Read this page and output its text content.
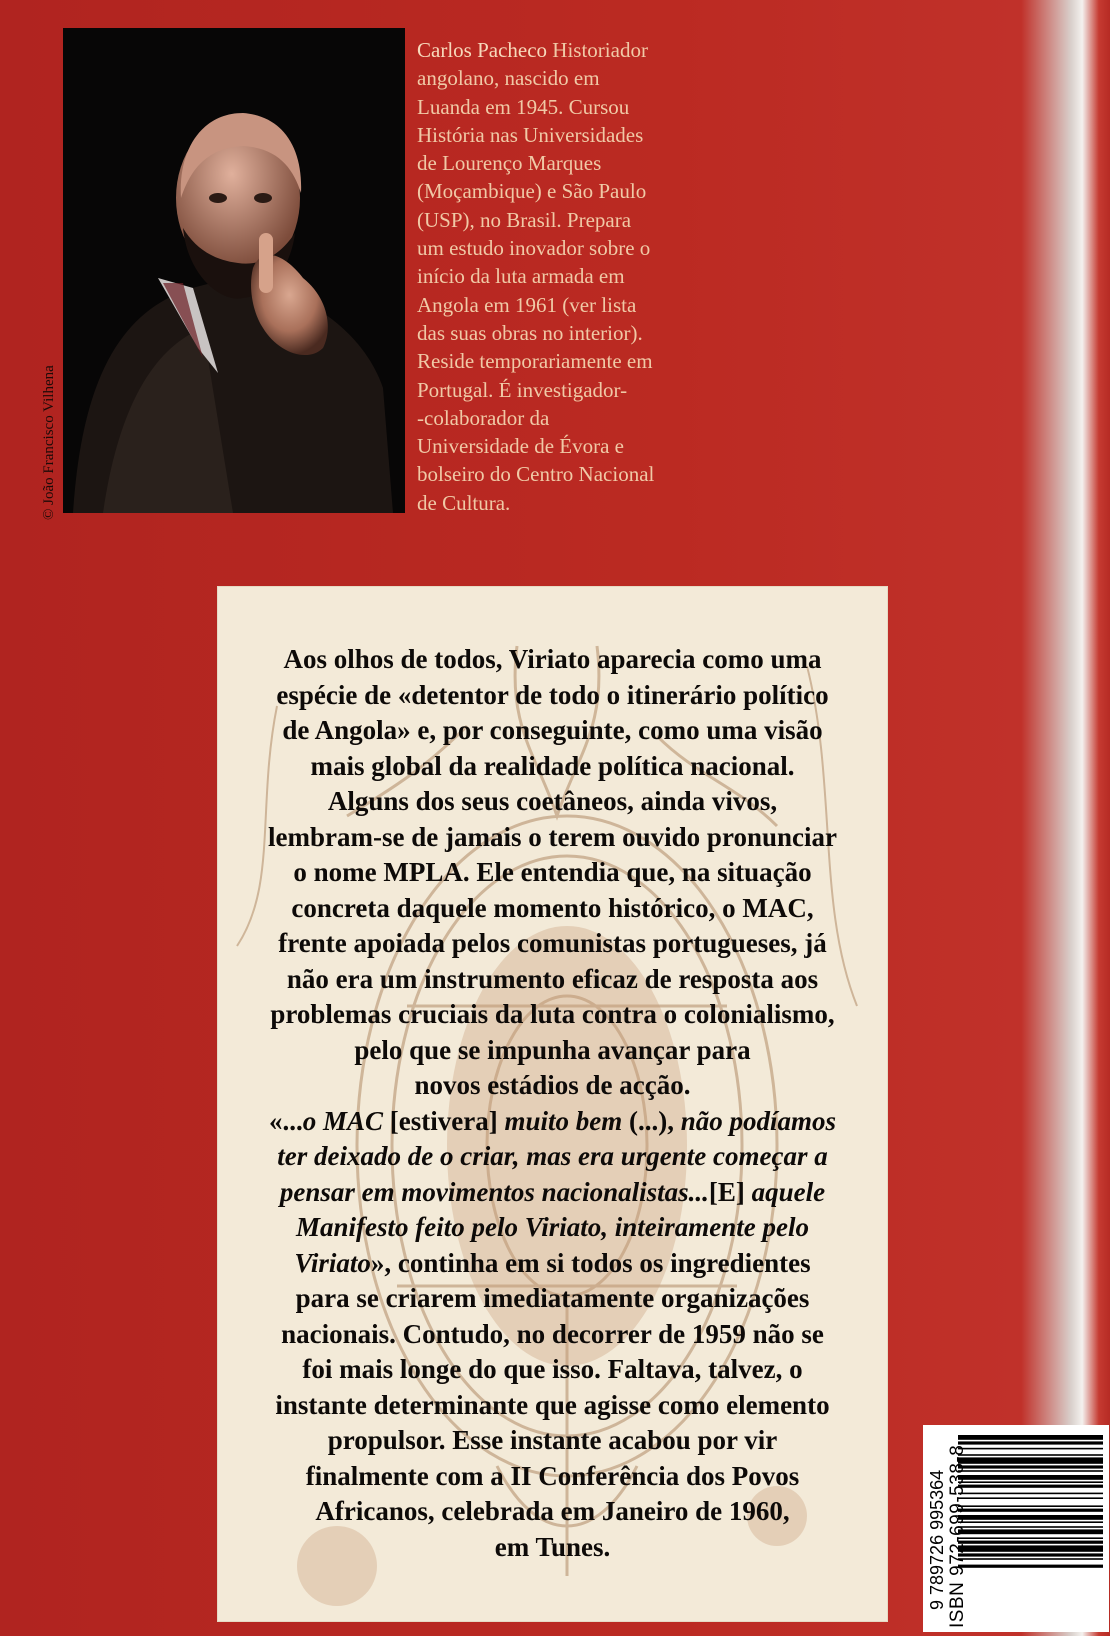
© João Francisco Vilhena
Carlos Pacheco Historiador
angolano, nascido em
Luanda em 1945. Cursou
História nas Universidades
de Lourenço Marques
(Moçambique) e São Paulo
(USP), no Brasil. Prepara
um estudo inovador sobre o
início da luta armada em
Angola em 1961 (ver lista
das suas obras no interior).
Reside temporariamente em
Portugal. É investigador-
-colaborador da
Universidade de Évora e
bolseiro do Centro Nacional
de Cultura.
Aos olhos de todos, Viriato aparecia como uma
espécie de «detentor de todo o itinerário político
de Angola» e, por conseguinte, como uma visão
mais global da realidade política nacional.
Alguns dos seus coetâneos, ainda vivos,
lembram-se de jamais o terem ouvido pronunciar
o nome MPLA. Ele entendia que, na situação
concreta daquele momento histórico, o MAC,
frente apoiada pelos comunistas portugueses, já
não era um instrumento eficaz de resposta aos
problemas cruciais da luta contra o colonialismo,
pelo que se impunha avançar para
novos estádios de acção.
«...o MAC [estivera] muito bem (...), não podíamos
ter deixado de o criar, mas era urgente começar a
pensar em movimentos nacionalistas...[E] aquele
Manifesto feito pelo Viriato, inteiramente pelo
Viriato», continha em si todos os ingredientes
para se criarem imediatamente organizações
nacionais. Contudo, no decorrer de 1959 não se
foi mais longe do que isso. Faltava, talvez, o
instante determinante que agisse como elemento
propulsor. Esse instante acabou por vir
finalmente com a II Conferência dos Povos
Africanos, celebrada em Janeiro de 1960,
em Tunes.	ISBN 972-699-538-8
9 789726 995364
